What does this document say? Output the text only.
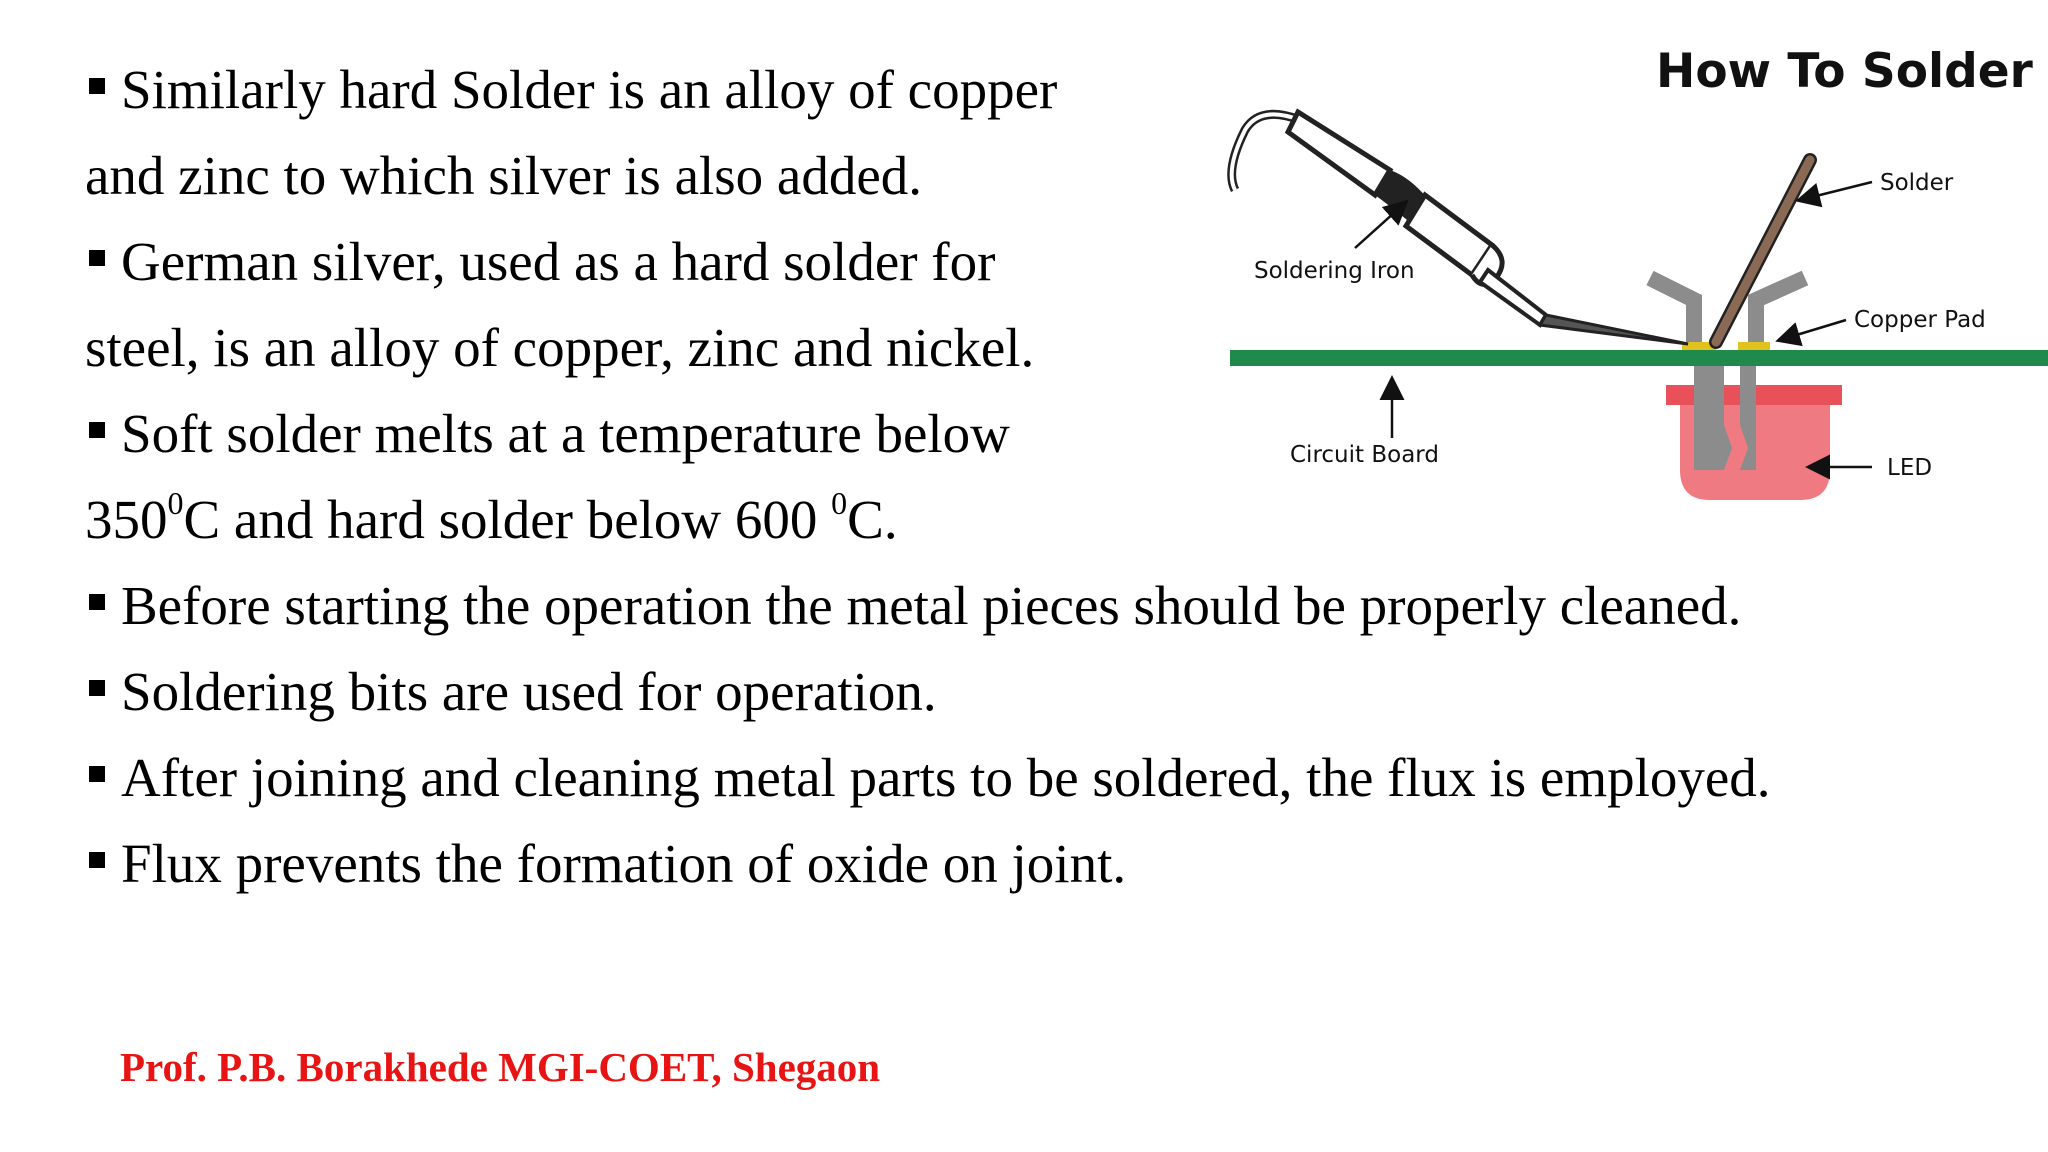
Similarly hard Solder is an alloy of copper

and zinc to which silver is also added.

German silver, used as a hard solder for

steel, is an alloy of copper, zinc and nickel.

Soft solder melts at a temperature below

$350^0C$ and hard solder below 600 $^0$C.

Before starting the operation the metal pieces should be properly cleaned.

Soldering bits are used for operation.

After joining and cleaning metal parts to be soldered, the flux is employed.

Flux prevents the formation of oxide on joint.

How To Solder
Solder
Soldering Iron
Copper Pad
Circuit Board	LED
Prof. P.B. Borakhede MGI-COET, Shegaon
